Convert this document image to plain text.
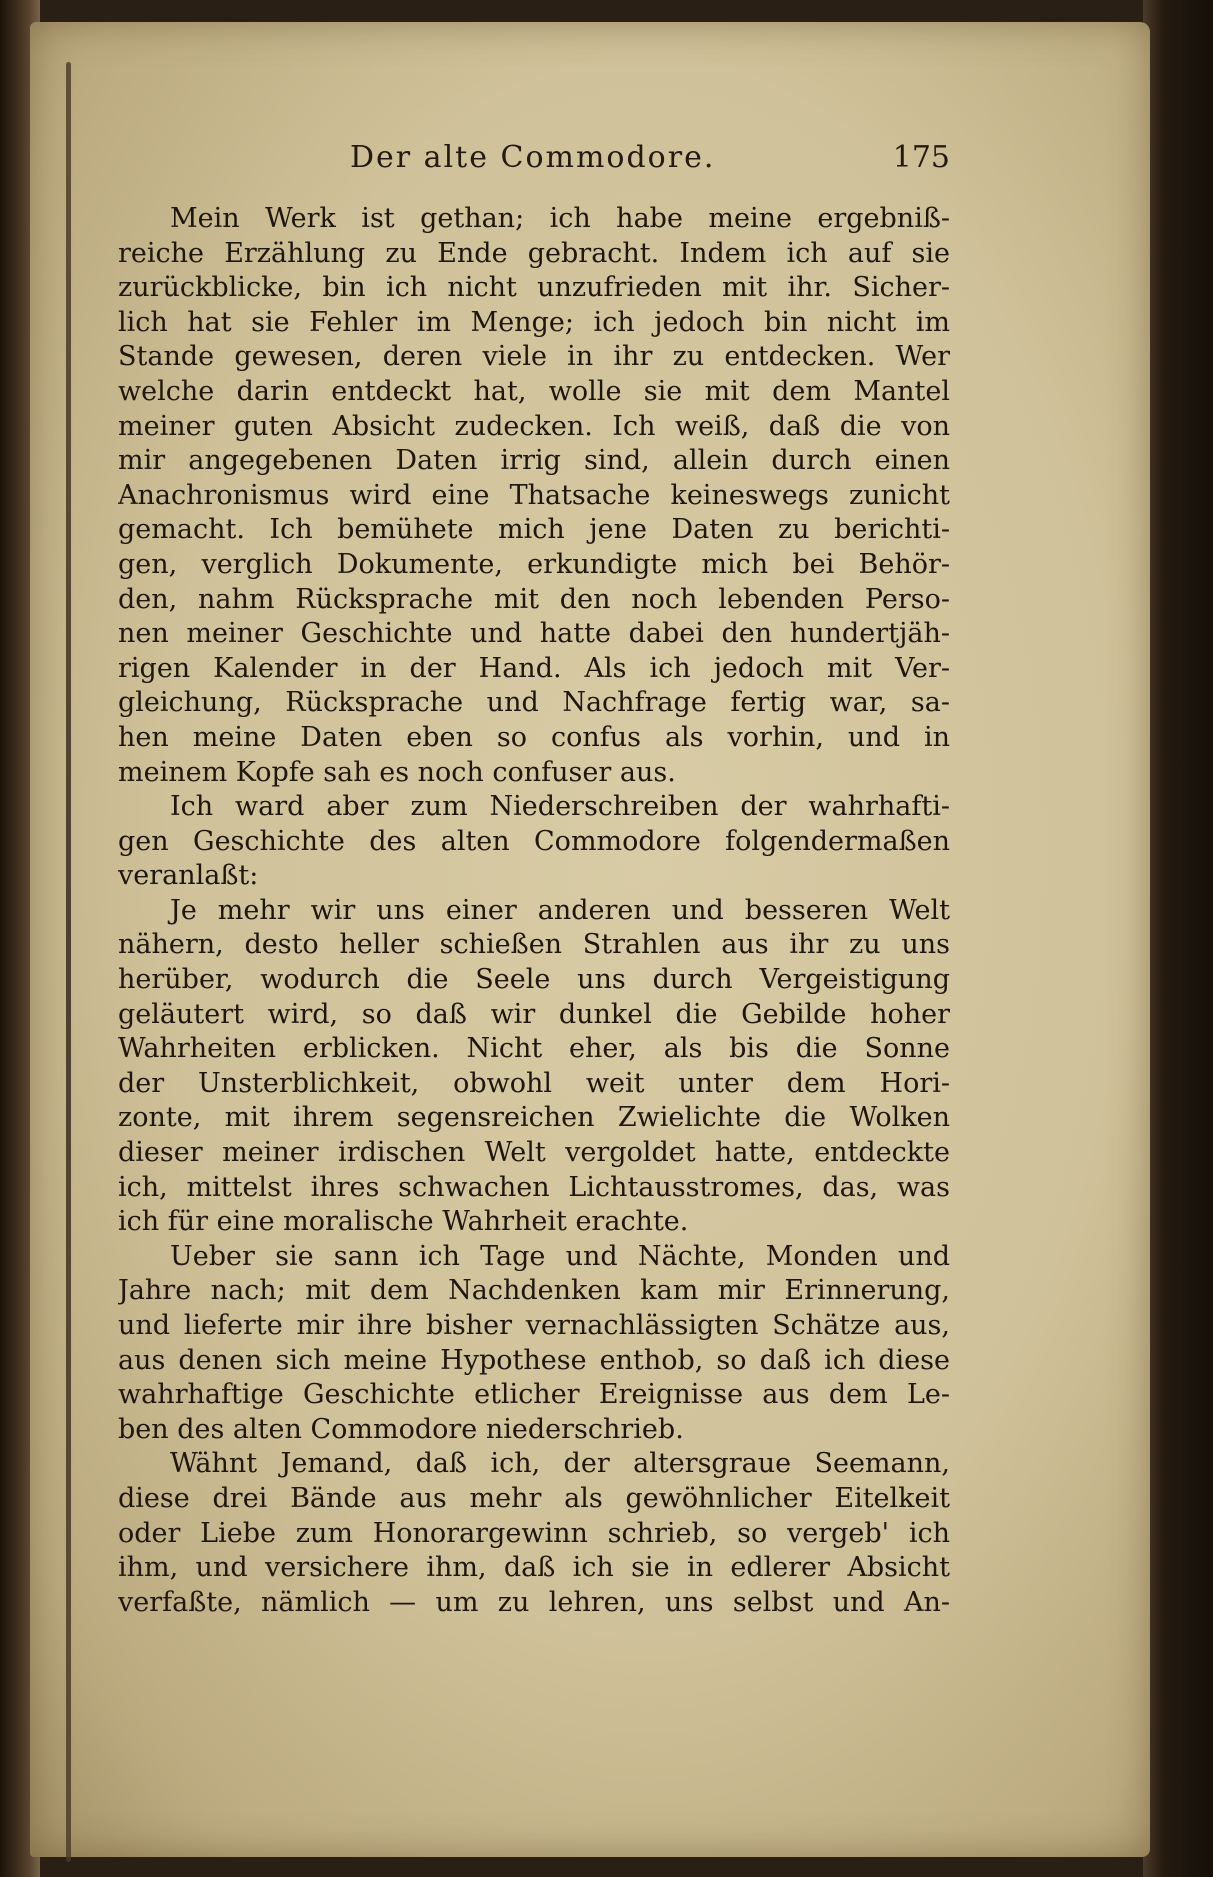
Der alte Commodore.	175
Mein Werk ist gethan; ich habe meine ergebniß-
reiche Erzählung zu Ende gebracht. Indem ich auf sie
zurückblicke, bin ich nicht unzufrieden mit ihr. Sicher-
lich hat sie Fehler im Menge; ich jedoch bin nicht im
Stande gewesen, deren viele in ihr zu entdecken. Wer
welche darin entdeckt hat, wolle sie mit dem Mantel
meiner guten Absicht zudecken. Ich weiß, daß die von
mir angegebenen Daten irrig sind, allein durch einen
Anachronismus wird eine Thatsache keineswegs zunicht
gemacht. Ich bemühete mich jene Daten zu berichti-
gen, verglich Dokumente, erkundigte mich bei Behör-
den, nahm Rücksprache mit den noch lebenden Perso-
nen meiner Geschichte und hatte dabei den hundertjäh-
rigen Kalender in der Hand. Als ich jedoch mit Ver-
gleichung, Rücksprache und Nachfrage fertig war, sa-
hen meine Daten eben so confus als vorhin, und in
meinem Kopfe sah es noch confuser aus.
Ich ward aber zum Niederschreiben der wahrhafti-
gen Geschichte des alten Commodore folgendermaßen
veranlaßt:
Je mehr wir uns einer anderen und besseren Welt
nähern, desto heller schießen Strahlen aus ihr zu uns
herüber, wodurch die Seele uns durch Vergeistigung
geläutert wird, so daß wir dunkel die Gebilde hoher
Wahrheiten erblicken. Nicht eher, als bis die Sonne
der Unsterblichkeit, obwohl weit unter dem Hori-
zonte, mit ihrem segensreichen Zwielichte die Wolken
dieser meiner irdischen Welt vergoldet hatte, entdeckte
ich, mittelst ihres schwachen Lichtausstromes, das, was
ich für eine moralische Wahrheit erachte.
Ueber sie sann ich Tage und Nächte, Monden und
Jahre nach; mit dem Nachdenken kam mir Erinnerung,
und lieferte mir ihre bisher vernachlässigten Schätze aus,
aus denen sich meine Hypothese enthob, so daß ich diese
wahrhaftige Geschichte etlicher Ereignisse aus dem Le-
ben des alten Commodore niederschrieb.
Wähnt Jemand, daß ich, der altersgraue Seemann,
diese drei Bände aus mehr als gewöhnlicher Eitelkeit
oder Liebe zum Honorargewinn schrieb, so vergeb' ich
ihm, und versichere ihm, daß ich sie in edlerer Absicht
verfaßte, nämlich — um zu lehren, uns selbst und An-
